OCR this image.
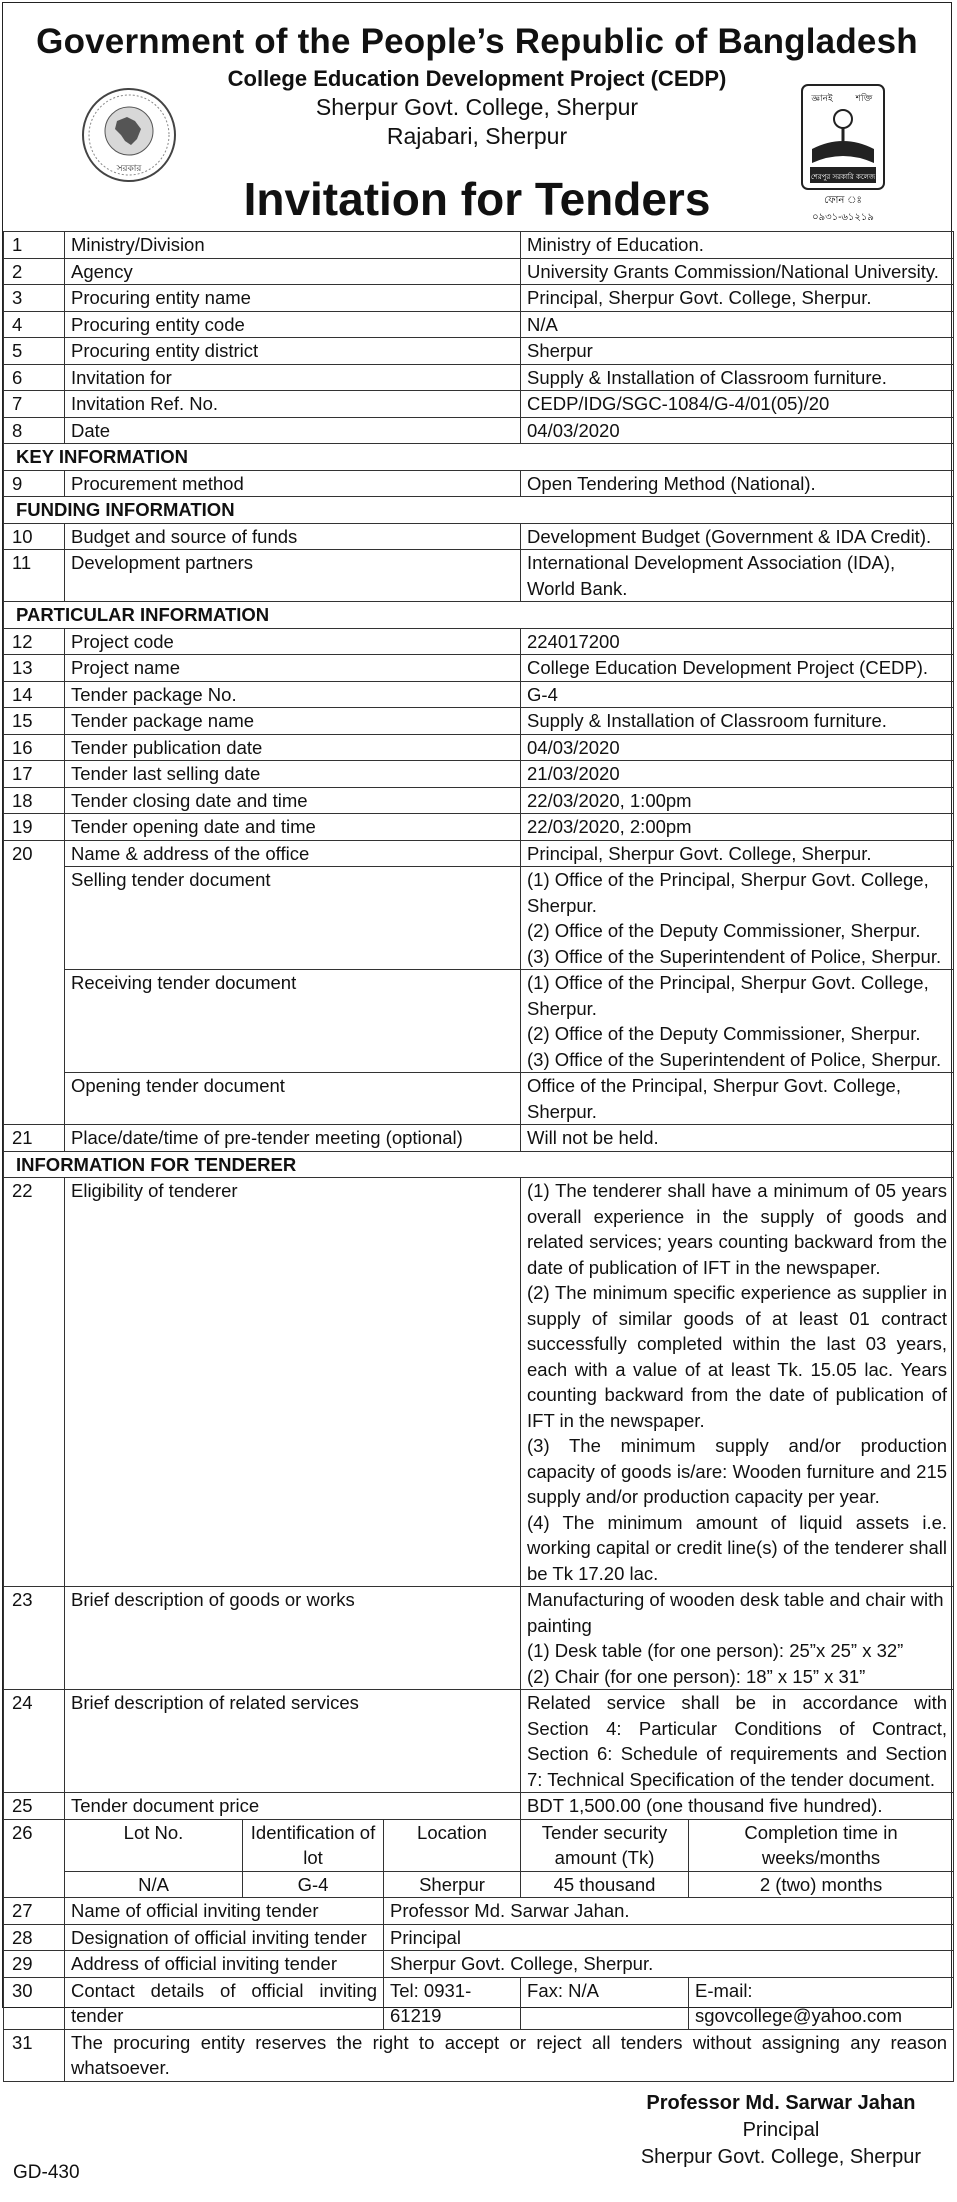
সরকার
Government of the People’s Republic of Bangladesh
College Education Development Project (CEDP)
Sherpur Govt. College, Sherpur
Rajabari, Sherpur
জ্ঞানই	শক্তি
শেরপুর সরকারি কলেজ
ফোন ঃ ০৯৩১-৬১২১৯
Invitation for Tenders
1	Ministry/Division			Ministry of Education.	
2	Agency			University Grants Commission/National University.	
3	Procuring entity name			Principal, Sherpur Govt. College, Sherpur.	
4	Procuring entity code			N/A	
5	Procuring entity district			Sherpur	
6	Invitation for			Supply & Installation of Classroom furniture.	
7	Invitation Ref. No.			CEDP/IDG/SGC-1084/G-4/01(05)/20	
8	Date			04/03/2020	
KEY INFORMATION					
9	Procurement method			Open Tendering Method (National).	
FUNDING INFORMATION					
10	Budget and source of funds			Development Budget (Government & IDA Credit).	
11	Development partners			International Development Association (IDA), World Bank.	
PARTICULAR INFORMATION					
12	Project code			224017200	
13	Project name			College Education Development Project (CEDP).	
14	Tender package No.			G-4	
15	Tender package name			Supply & Installation of Classroom furniture.	
16	Tender publication date			04/03/2020	
17	Tender last selling date			21/03/2020	
18	Tender closing date and time			22/03/2020, 1:00pm	
19	Tender opening date and time			22/03/2020, 2:00pm	
20	Name & address of the office			Principal, Sherpur Govt. College, Sherpur.	
	Selling tender document			(1) Office of the Principal, Sherpur Govt. College, Sherpur.
(2) Office of the Deputy Commissioner, Sherpur.
(3) Office of the Superintendent of Police, Sherpur.	

	Receiving tender document			(1) Office of the Principal, Sherpur Govt. College, Sherpur.
(2) Office of the Deputy Commissioner, Sherpur.
(3) Office of the Superintendent of Police, Sherpur.	

	Opening tender document			Office of the Principal, Sherpur Govt. College, Sherpur.	
21	Place/date/time of pre-tender meeting (optional)			Will not be held.	
INFORMATION FOR TENDERER					
22	Eligibility of tenderer			(1) The tenderer shall have a minimum of 05 years overall experience in the supply of goods and related services; years counting backward from the date of publication of IFT in the newspaper.
(2) The minimum specific experience as supplier in supply of similar goods of at least 01 contract successfully completed within the last 03 years, each with a value of at least Tk. 15.05 lac. Years counting backward from the date of publication of IFT in the newspaper.
(3) The minimum supply and/or production capacity of goods is/are: Wooden furniture and 215 supply and/or production capacity per year.
(4) The minimum amount of liquid assets i.e. working capital or credit line(s) of the tenderer shall be Tk 17.20 lac.	

23	Brief description of goods or works			Manufacturing of wooden desk table and chair with painting
(1) Desk table (for one person): 25”x 25” x 32”
(2) Chair (for one person): 18” x 15” x 31”	

24	Brief description of related services			Related service shall be in accordance with Section 4: Particular Conditions of Contract, Section 6: Schedule of requirements and Section 7: Technical Specification of the tender document.	
25	Tender document price			BDT 1,500.00 (one thousand five hundred).	
26	Lot No.	Identification of lot	Location	Tender security amount (Tk)	Completion time in weeks/months
	N/A	G-4	Sherpur	45 thousand	2 (two) months
27	Name of official inviting tender		Professor Md. Sarwar Jahan.		
28	Designation of official inviting tender		Principal		
29	Address of official inviting tender		Sherpur Govt. College, Sherpur.		
30	Contact details of official inviting tender		Tel: 0931-61219	Fax: N/A	E-mail:
sgovcollege@yahoo.com

31	The procuring entity reserves the right to accept or reject all tenders without assigning any reason whatsoever.				
Professor Md. Sarwar Jahan
Principal
Sherpur Govt. College, Sherpur
GD-430
